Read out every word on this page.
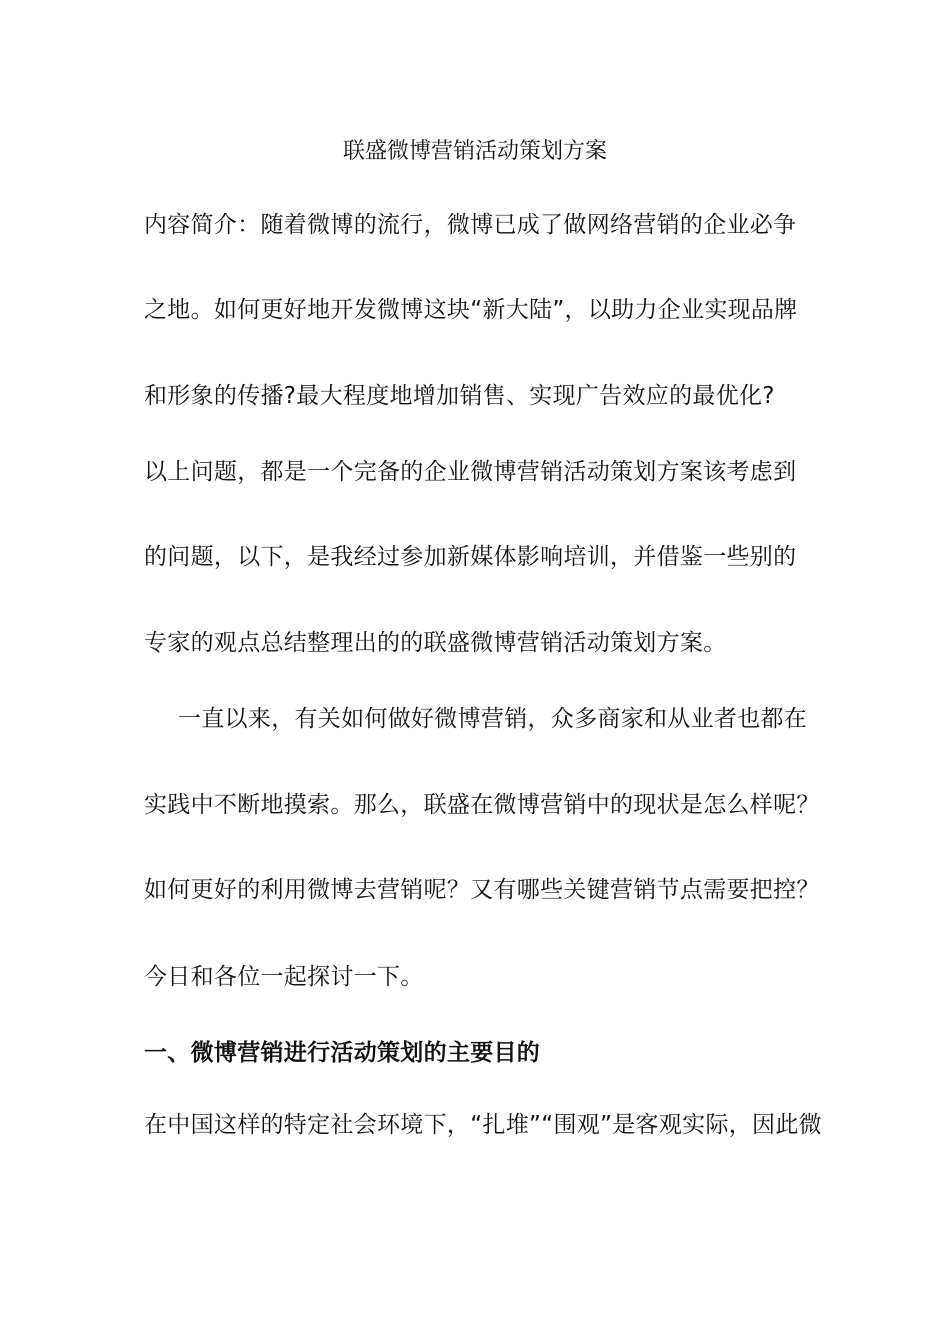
联盛微博营销活动策划方案
内容简介：随着微博的流行，微博已成了做网络营销的企业必争
之地。如何更好地开发微博这块“新大陆”，以助力企业实现品牌
和形象的传播?最大程度地增加销售、实现广告效应的最优化?
以上问题，都是一个完备的企业微博营销活动策划方案该考虑到
的问题，以下，是我经过参加新媒体影响培训，并借鉴一些别的
专家的观点总结整理出的的联盛微博营销活动策划方案。
一直以来，有关如何做好微博营销，众多商家和从业者也都在
实践中不断地摸索。那么，联盛在微博营销中的现状是怎么样呢？
如何更好的利用微博去营销呢？又有哪些关键营销节点需要把控？
今日和各位一起探讨一下。
一、微博营销进行活动策划的主要目的
在中国这样的特定社会环境下，“扎堆”“围观”是客观实际，因此微
